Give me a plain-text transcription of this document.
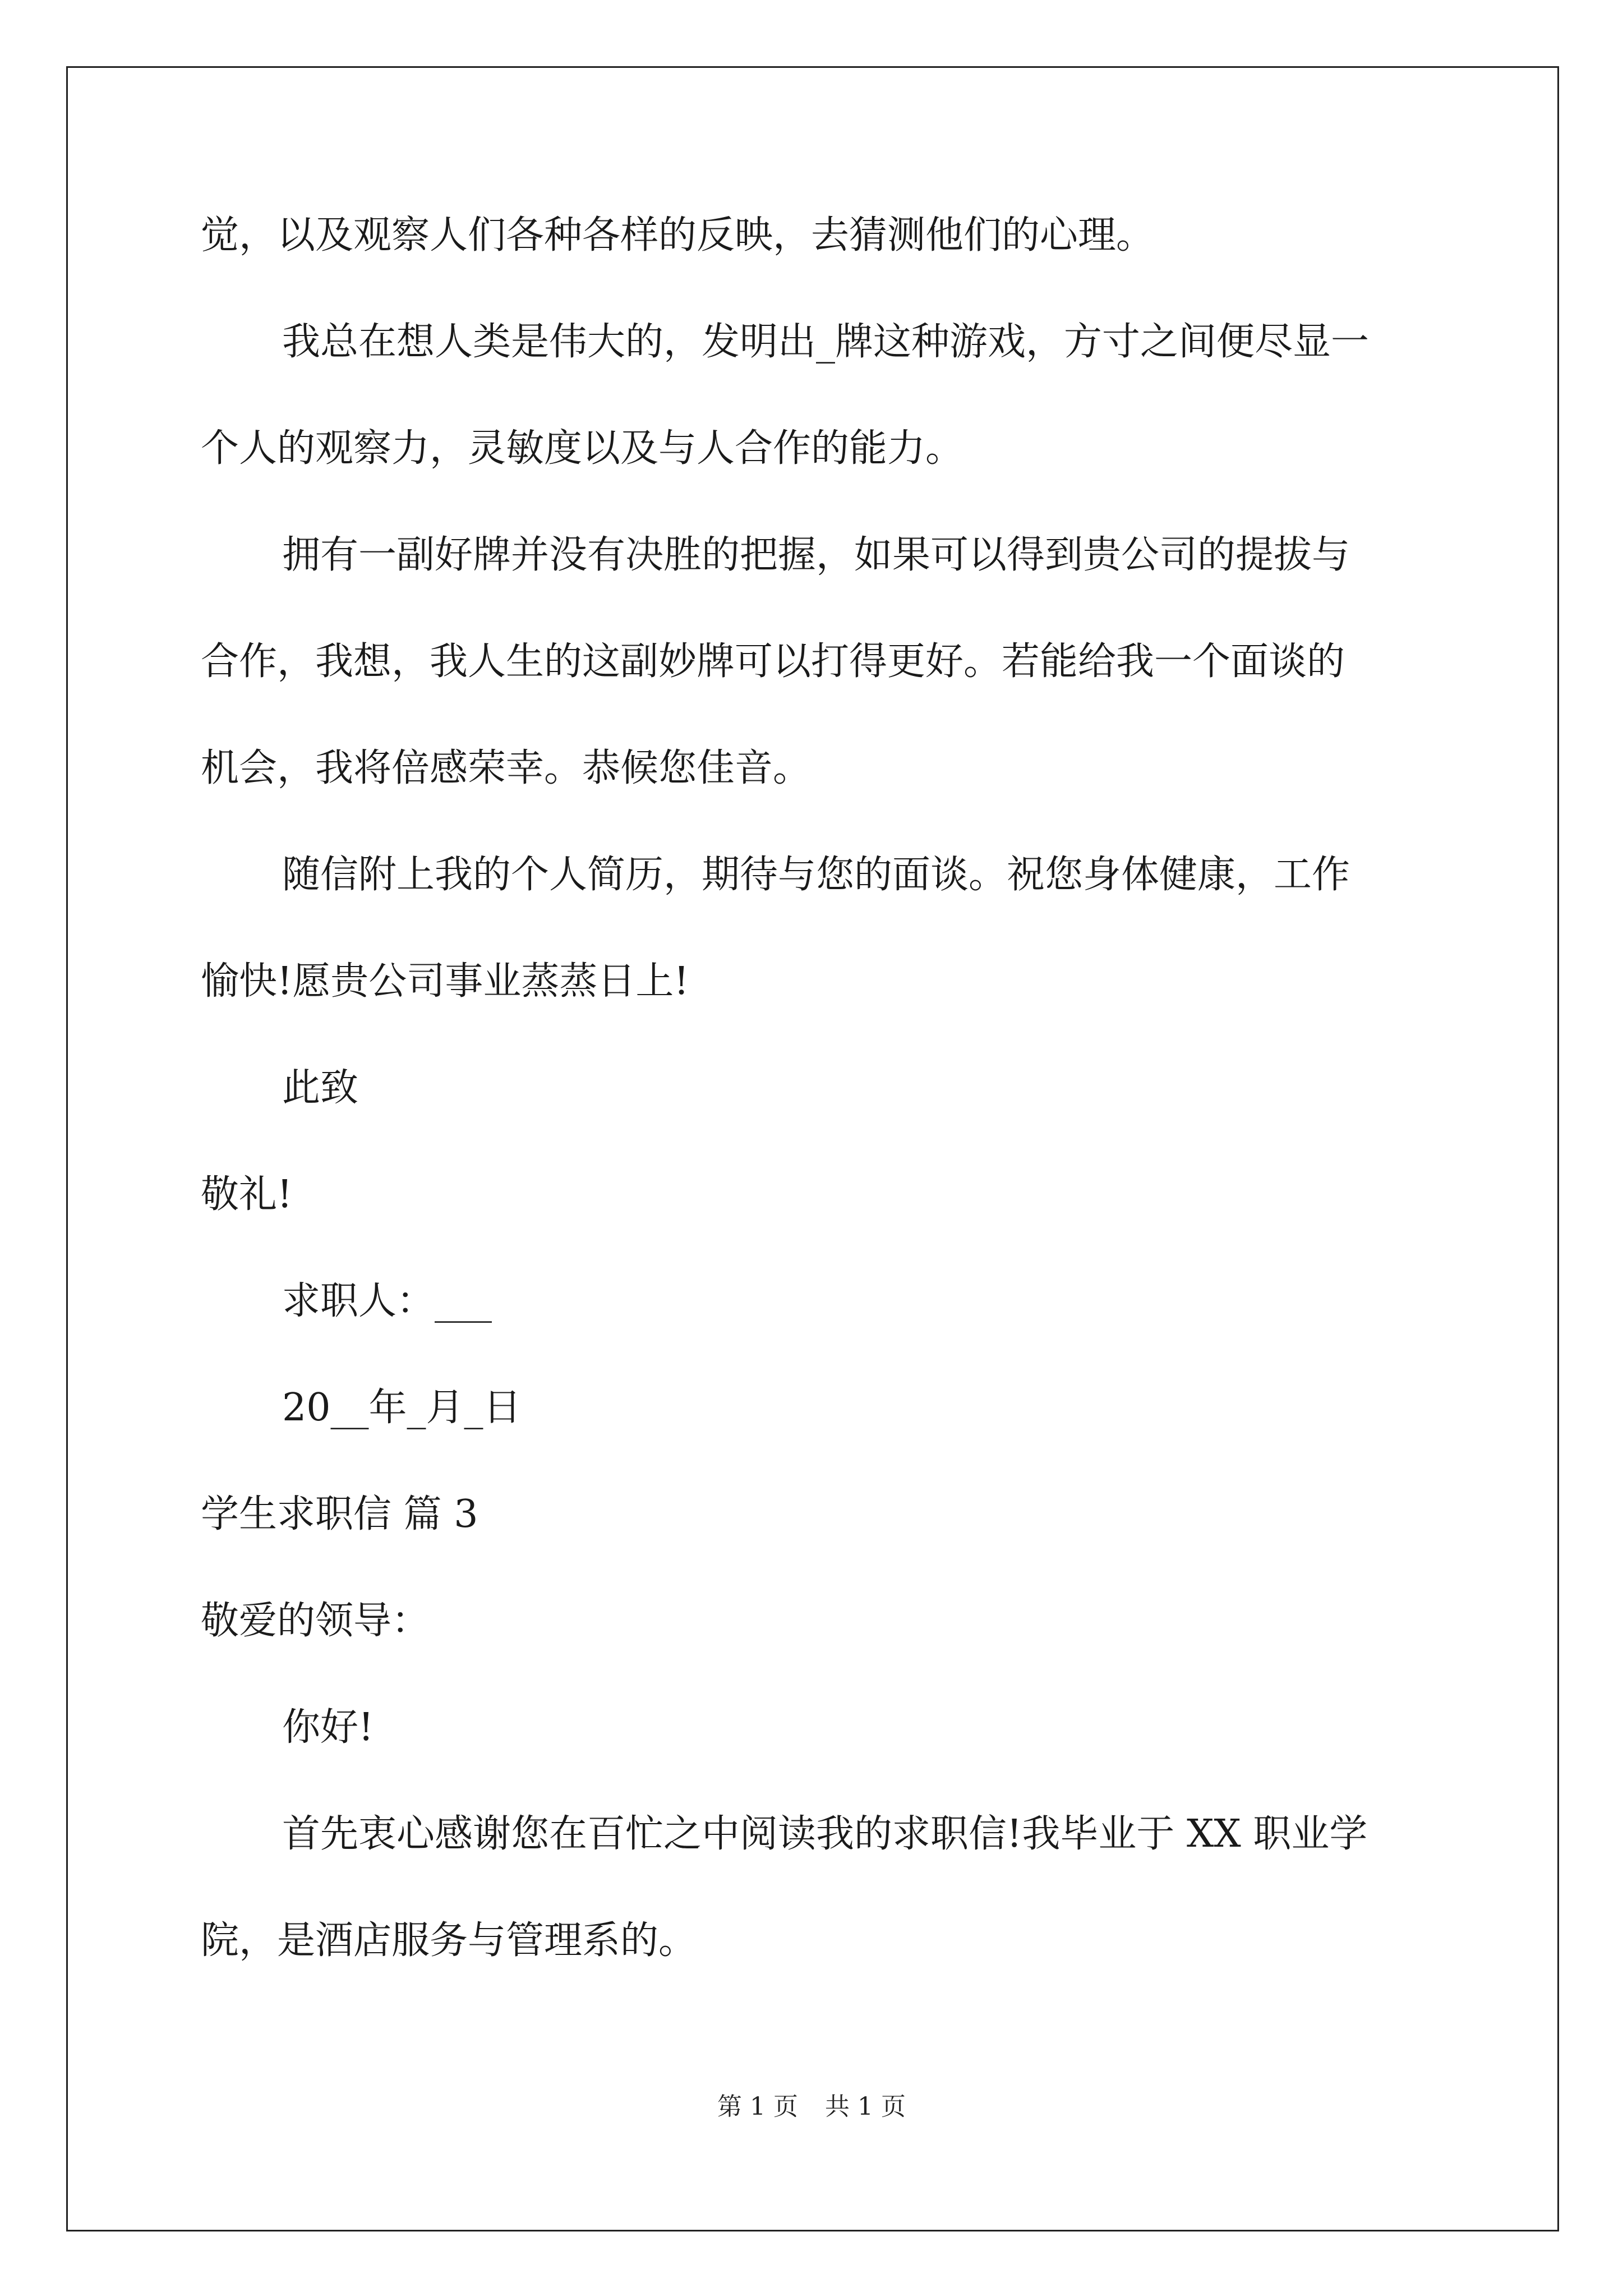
觉，以及观察人们各种各样的反映，去猜测他们的心理。
我总在想人类是伟大的，发明出_牌这种游戏，方寸之间便尽显一
个人的观察力，灵敏度以及与人合作的能力。
拥有一副好牌并没有决胜的把握，如果可以得到贵公司的提拔与
合作，我想，我人生的这副妙牌可以打得更好。若能给我一个面谈的
机会，我将倍感荣幸。恭候您佳音。
随信附上我的个人简历，期待与您的面谈。祝您身体健康，工作
愉快!愿贵公司事业蒸蒸日上!
此致
敬礼!
求职人：___
20__年_月_日
学生求职信 篇 3
敬爱的领导：
你好!
首先衷心感谢您在百忙之中阅读我的求职信!我毕业于 XX 职业学
院，是酒店服务与管理系的。
第 1 页 共 1 页
